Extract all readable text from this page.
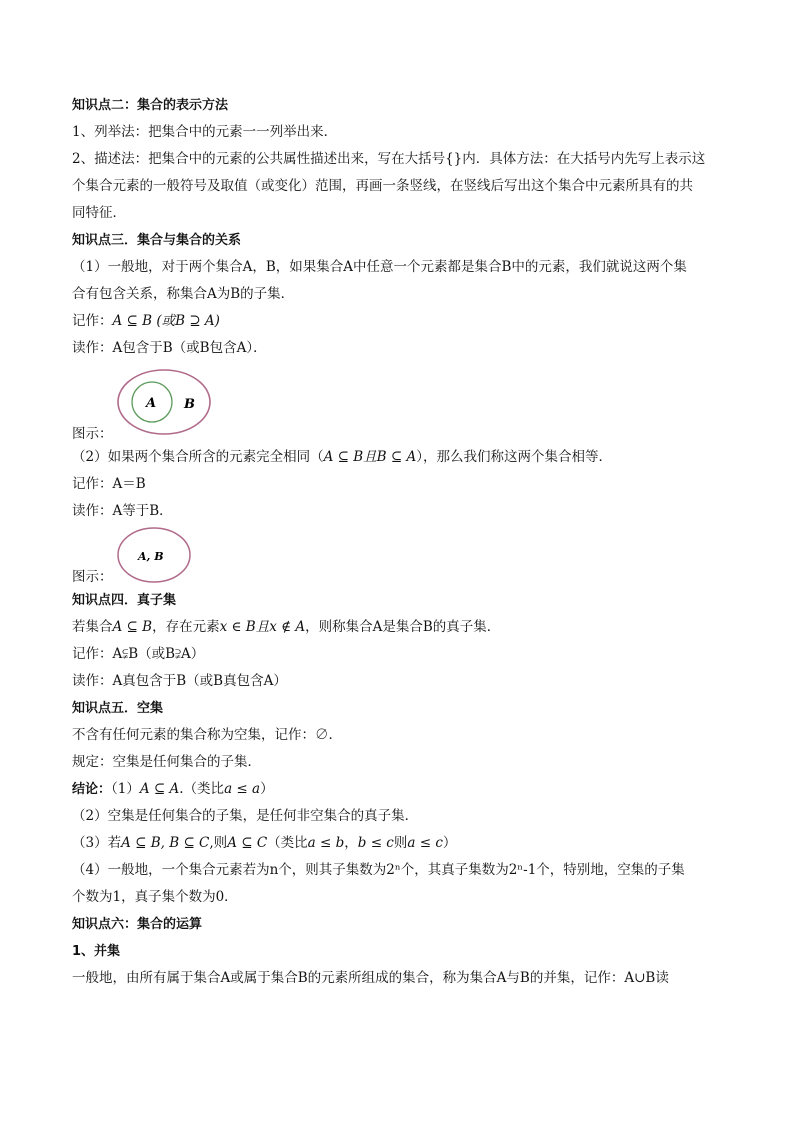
知识点二：集合的表示方法
1、列举法：把集合中的元素一一列举出来．
2、描述法：把集合中的元素的公共属性描述出来，写在大括号{}内．具体方法：在大括号内先写上表示这
个集合元素的一般符号及取值（或变化）范围，再画一条竖线，在竖线后写出这个集合中元素所具有的共
同特征．
知识点三．集合与集合的关系
（1）一般地，对于两个集合A，B，如果集合A中任意一个元素都是集合B中的元素，我们就说这两个集
合有包含关系，称集合A为B的子集．
记作：A ⊆ B (或B ⊇ A)
读作：A包含于B（或B包含A）．
图示：
A B
（2）如果两个集合所含的元素完全相同（A ⊆ B且B ⊆ A），那么我们称这两个集合相等．
记作：A＝B
读作：A等于B．
图示：
A, B
知识点四．真子集
若集合A ⊆ B，存在元素x ∈ B且x ∉ A，则称集合A是集合B的真子集．
记作：A⫋B（或B⫌A）
读作：A真包含于B（或B真包含A）
知识点五．空集
不含有任何元素的集合称为空集，记作：∅．
规定：空集是任何集合的子集．
结论：（1）A ⊆ A.（类比a ≤ a）
（2）空集是任何集合的子集，是任何非空集合的真子集．
（3）若A ⊆ B, B ⊆ C,则A ⊆ C（类比a ≤ b，b ≤ c则a ≤ c）
（4）一般地，一个集合元素若为n个，则其子集数为2ⁿ个，其真子集数为2ⁿ-1个，特别地，空集的子集
个数为1，真子集个数为0．
知识点六：集合的运算
1、并集
一般地，由所有属于集合A或属于集合B的元素所组成的集合，称为集合A与B的并集，记作：A∪B读
